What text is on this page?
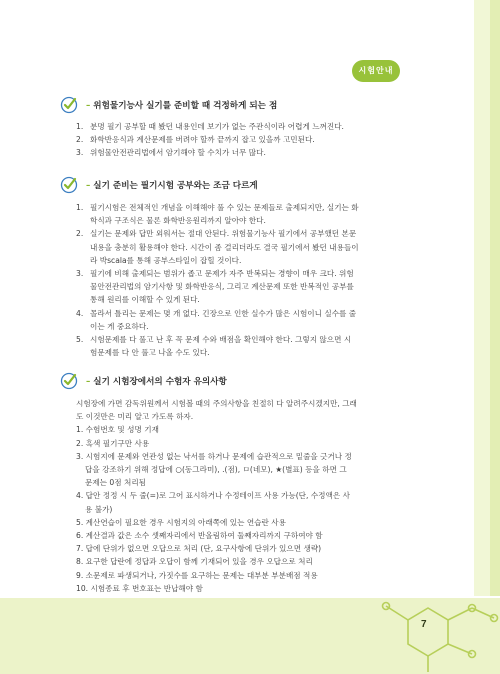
시험안내
– 위험물기능사 실기를 준비할 때 걱정하게 되는 점
1. 분명 필기 공부할 때 봤던 내용인데 보기가 없는 주관식이라 어렵게 느껴진다.
2. 화학반응식과 계산문제를 버려야 할까 끝까지 잡고 있을까 고민된다.
3. 위험물안전관리법에서 암기해야 할 수치가 너무 많다.
– 실기 준비는 필기시험 공부와는 조금 다르게
1. 필기시험은 전체적인 개념을 이해해야 풀 수 있는 문제들로 출제되지만, 실기는 화
학식과 구조식은 물론 화학반응원리까지 알아야 한다.
2. 실기는 문제와 답만 외워서는 절대 안된다. 위험물기능사 필기에서 공부했던 본문
내용을 충분히 활용해야 한다. 시간이 좀 걸리더라도 결국 필기에서 봤던 내용들이
라 박scala를 통해 공부스타일이 잡힐 것이다.
3. 필기에 비해 출제되는 범위가 좁고 문제가 자주 반복되는 경향이 매우 크다. 위험
물안전관리법의 암기사항 및 화학반응식, 그리고 계산문제 또한 반복적인 공부를
통해 원리를 이해할 수 있게 된다.
4. 몰라서 틀리는 문제는 몇 개 없다. 긴장으로 인한 실수가 많은 시험이니 실수를 줄
이는 게 중요하다.
5. 시험문제를 다 풀고 난 후 꼭 문제 수와 배점을 확인해야 한다. 그렇지 않으면 시
험문제를 다 안 풀고 나올 수도 있다.
– 실기 시험장에서의 수험자 유의사항
시험장에 가면 감독위원께서 시험볼 때의 주의사항을 친절히 다 알려주시겠지만, 그래
도 이것만은 미리 알고 가도록 하자.
1. 수험번호 및 성명 기재
2. 흑색 필기구만 사용
3. 시험지에 문제와 연관성 없는 낙서를 하거나 문제에 습관적으로 밑줄을 긋거나 정
답을 강조하기 위해 정답에 ○(동그라미), .(점), ㅁ(네모), ★(별표) 등을 하면 그
문제는 0점 처리됨
4. 답안 정정 시 두 줄(=)로 그어 표시하거나 수정테이프 사용 가능(단, 수정액은 사
용 불가)
5. 계산연습이 필요한 경우 시험지의 아래쪽에 있는 연습란 사용
6. 계산결과 값은 소수 셋째자리에서 반올림하여 둘째자리까지 구하여야 함
7. 답에 단위가 없으면 오답으로 처리 (단, 요구사항에 단위가 있으면 생략)
8. 요구한 답란에 정답과 오답이 함께 기재되어 있을 경우 오답으로 처리
9. 소문제로 파생되거나, 가짓수를 요구하는 문제는 대부분 부분배점 적용
10. 시험종료 후 번호표는 반납해야 함
7
